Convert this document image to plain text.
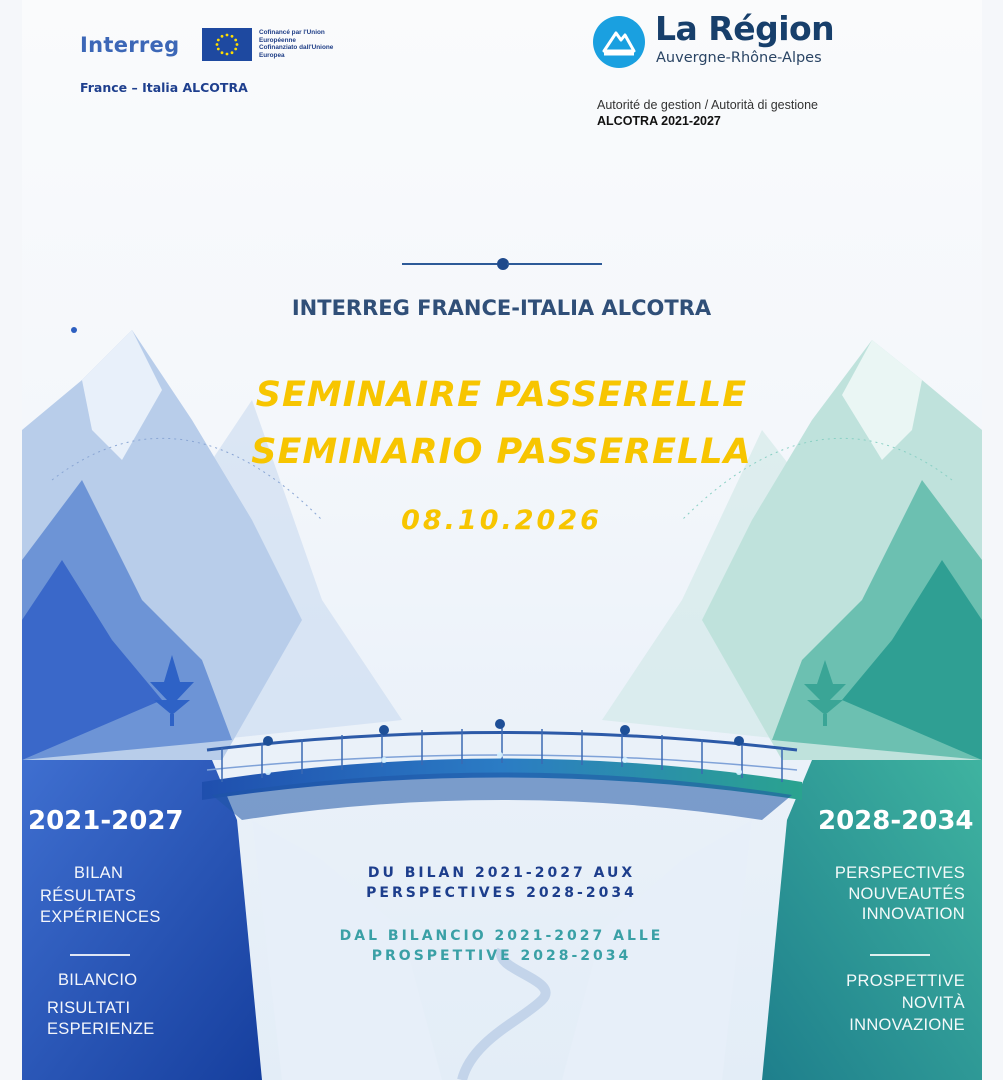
Interreg
Cofinancé par l'Union Européenne
Cofinanziato dall'Unione Europea
France – Italia ALCOTRA
La Région
Auvergne-Rhône-Alpes
Autorité de gestion / Autorità di gestione
ALCOTRA 2021-2027
INTERREG FRANCE-ITALIA ALCOTRA
SEMINAIRE PASSERELLE
SEMINARIO PASSERELLA
08.10.2026
2021-2027
BILAN
RÉSULTATS
EXPÉRIENCES
BILANCIO
RISULTATI
ESPERIENZE
2028-2034
PERSPECTIVES
NOUVEAUTÉS
INNOVATION
PROSPETTIVE
NOVITÀ
INNOVAZIONE
DU BILAN 2021-2027 AUX
PERSPECTIVES 2028-2034
DAL BILANCIO 2021-2027 ALLE
PROSPETTIVE 2028-2034
